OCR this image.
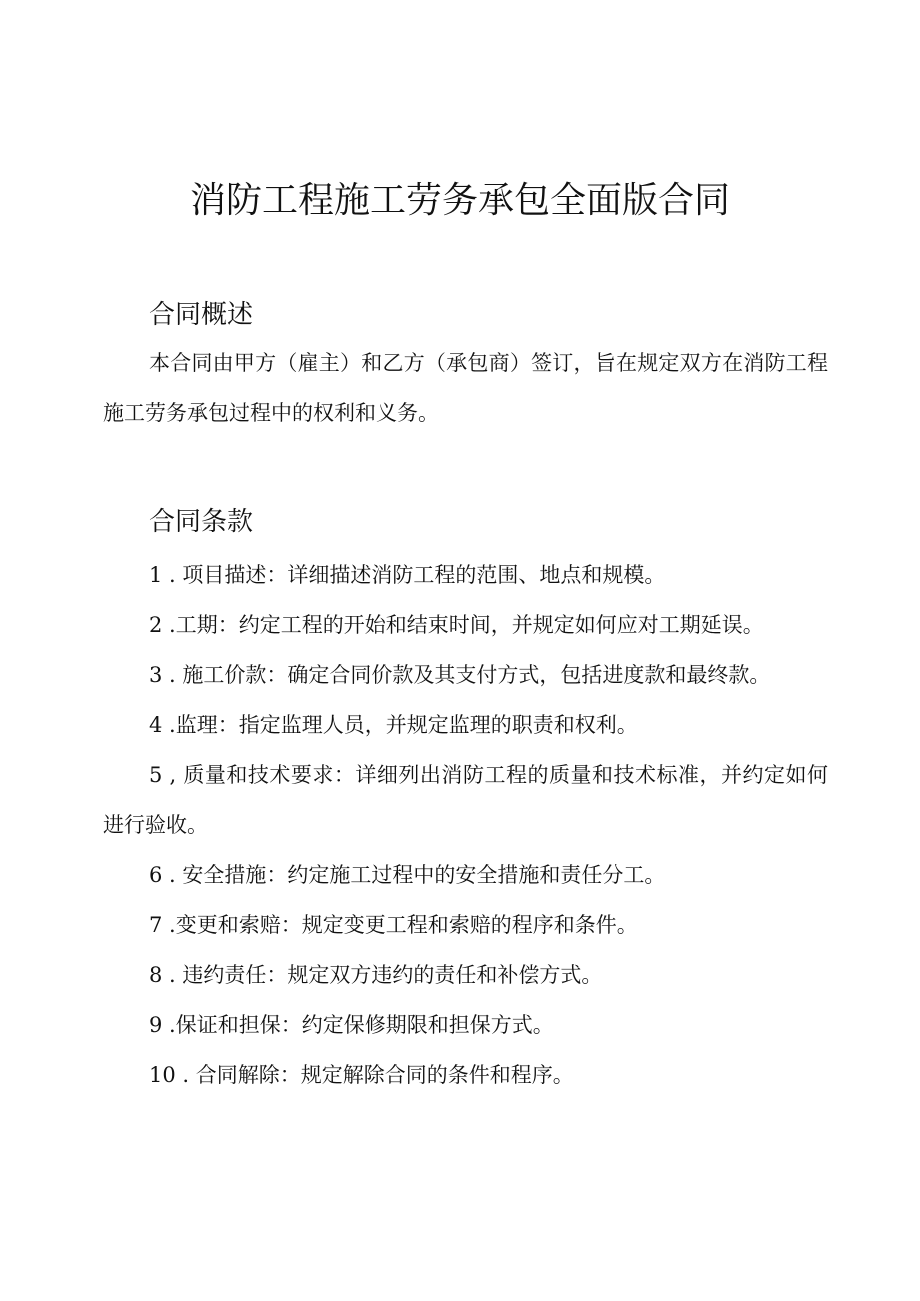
消防工程施工劳务承包全面版合同
合同概述

本合同由甲方（雇主）和乙方（承包商）签订，旨在规定双方在消防工程施工劳务承包过程中的权利和义务。

合同条款
1 . 项目描述：详细描述消防工程的范围、地点和规模。
2 .工期：约定工程的开始和结束时间，并规定如何应对工期延误。
3 . 施工价款：确定合同价款及其支付方式，包括进度款和最终款。
4 .监理：指定监理人员，并规定监理的职责和权利。
5 , 质量和技术要求：详细列出消防工程的质量和技术标准，并约定如何进行验收。
6 . 安全措施：约定施工过程中的安全措施和责任分工。
7 .变更和索赔：规定变更工程和索赔的程序和条件。
8 . 违约责任：规定双方违约的责任和补偿方式。
9 .保证和担保：约定保修期限和担保方式。
10 . 合同解除：规定解除合同的条件和程序。
